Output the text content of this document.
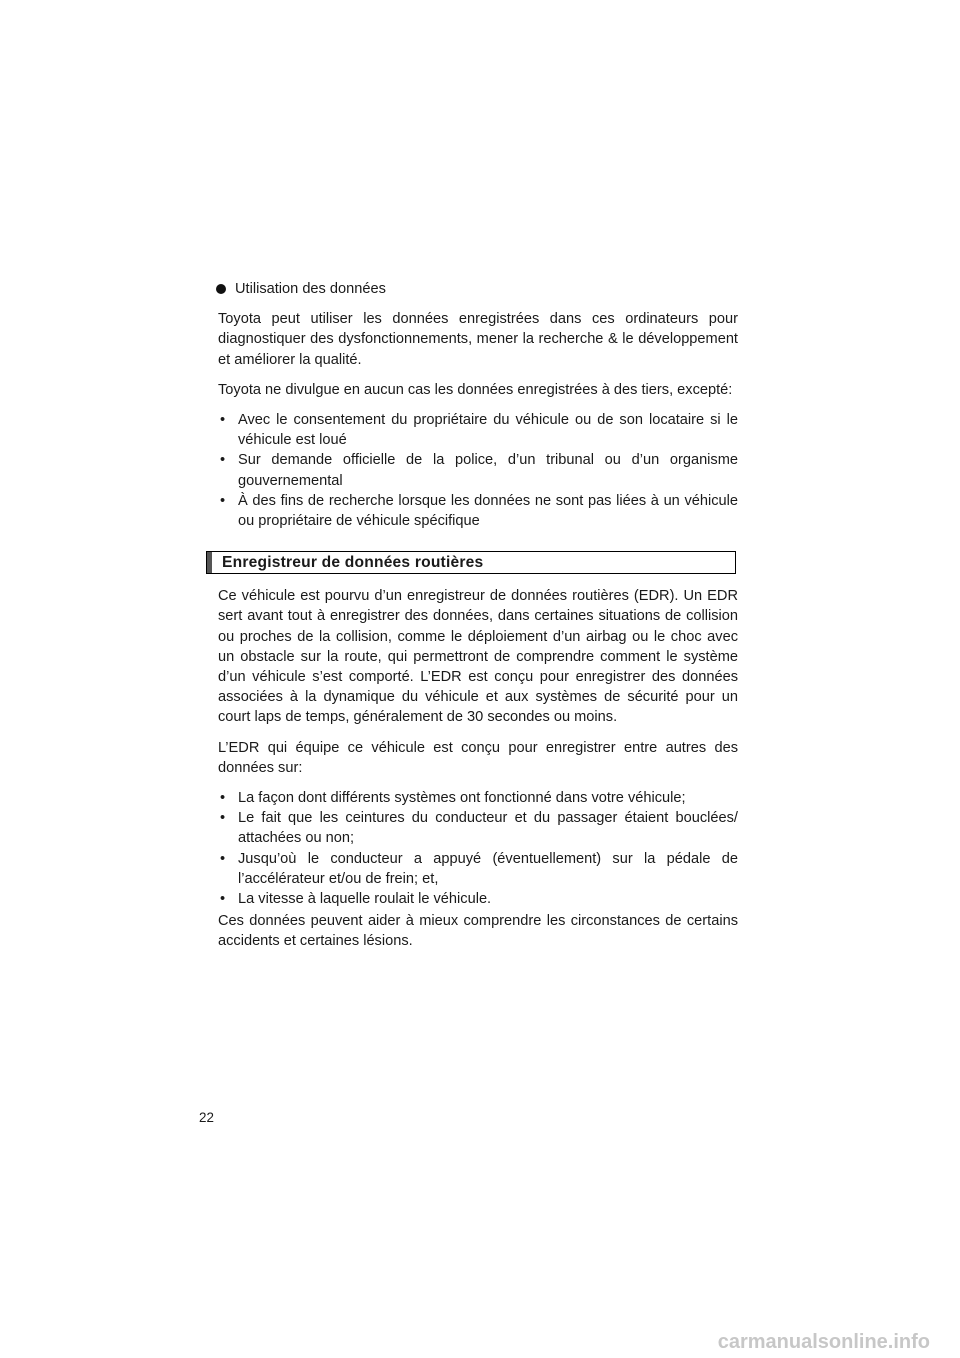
Utilisation des données

Toyota peut utiliser les données enregistrées dans ces ordinateurs pour diagnostiquer des dysfonctionnements, mener la recherche & le développement et améliorer la qualité.

Toyota ne divulgue en aucun cas les données enregistrées à des tiers, excepté:

• Avec le consentement du propriétaire du véhicule ou de son locataire si le véhicule est loué
• Sur demande officielle de la police, d’un tribunal ou d’un organisme gouvernemental
• À des fins de recherche lorsque les données ne sont pas liées à un véhicule ou propriétaire de véhicule spécifique
Enregistreur de données routières

Ce véhicule est pourvu d’un enregistreur de données routières (EDR). Un EDR sert avant tout à enregistrer des données, dans certaines situations de collision ou proches de la collision, comme le déploiement d’un airbag ou le choc avec un obstacle sur la route, qui permettront de comprendre comment le système d’un véhicule s’est comporté. L’EDR est conçu pour enregistrer des données associées à la dynamique du véhicule et aux systèmes de sécurité pour un court laps de temps, généralement de 30 secondes ou moins.

L’EDR qui équipe ce véhicule est conçu pour enregistrer entre autres des données sur:

• La façon dont différents systèmes ont fonctionné dans votre véhicule;
• Le fait que les ceintures du conducteur et du passager étaient bouclées/ attachées ou non;
• Jusqu’où le conducteur a appuyé (éventuellement) sur la pédale de l’accélérateur et/ou de frein; et,
• La vitesse à laquelle roulait le véhicule.

Ces données peuvent aider à mieux comprendre les circonstances de certains accidents et certaines lésions.

22
carmanualsonline.info
